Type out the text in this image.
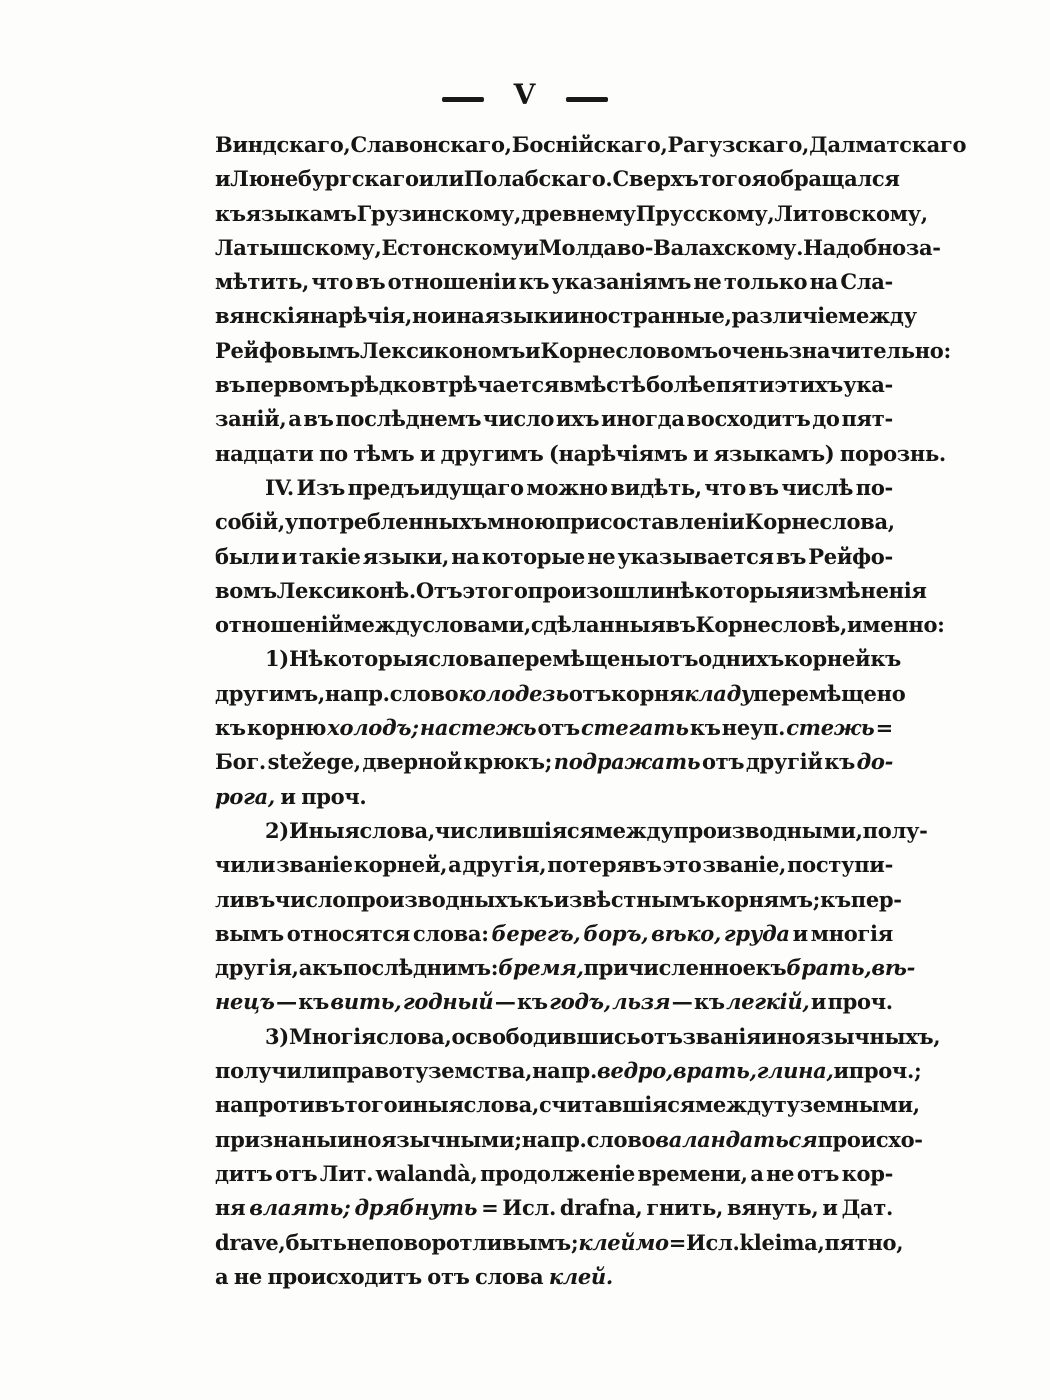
V
Виндскаго, Славонскаго, Боснійскаго, Рагузскаго, Далматскаго
и Люнебургскаго или Полабскаго. Сверхъ того я обращался
къ языкамъ Грузинскому, древнему Прусскому, Литовскому,
Латышскому, Естонскому и Молдаво-Валахскому. Надобно за-
мѣтить, что въ отношеніи къ указаніямъ не только на Сла-
вянскія нарѣчія, но и на языки иностранные, различіе между
Рейфовымъ Лексикономъ и Корнесловомъ очень значительно:
въ первомъ рѣдко втрѣчается вмѣстѣ болѣе пяти этихъ ука-
заній, а въ послѣднемъ число ихъ иногда восходитъ до пят-
надцати по тѣмъ и другимъ (нарѣчіямъ и языкамъ) порознь.
IV. Изъ предъидущаго можно видѣть, что въ числѣ по-
собій, употребленныхъ мною при составленіи Корнеслова,
были и такіе языки, на которые не указывается въ Рейфо-
вомъ Лексиконѣ. Отъ этого произошли нѣкоторыя измѣненія
отношеній между словами, сдѣланныя въ Корнесловѣ, именно:
1) Нѣкоторыя слова перемѣщены отъ однихъ корней къ
другимъ, напр. слово колодезь отъ корня кладу перемѣщено
къ корню холодъ; настежь отъ стегать къ неуп. стежь =
Бог. stežege, дверной крюкъ; подражать отъ другій къ до-
рога, и проч.
2) Иныя слова, числившіяся между производными, полу-
чили званіе корней, а другія, потерявъ это званіе, поступи-
ли въ число производныхъ къ извѣстнымъ корнямъ; къ пер-
вымъ относятся слова: берегъ, боръ, вѣко, груда и многія
другія, а къ послѣднимъ: бремя, причисленное къ брать, вѣ-
нецъ — къ вить, годный — къ годъ, льзя — къ легкій, и проч.
3) Многія слова, освободившись отъ званія иноязычныхъ,
получили право туземства, напр. ведро, врать, глина, и проч.;
напротивъ того иныя слова, считавшіяся между туземными,
признаны иноязычными; напр. слово валандаться происхо-
дитъ отъ Лит. walandà, продолженіе времени, а не отъ кор-
ня влаять; дрябнуть = Исл. drafna, гнить, вянуть, и Дат.
drave, быть неповоротливымъ; клеймо = Исл. kleima, пятно,
а не происходитъ отъ слова клей.
